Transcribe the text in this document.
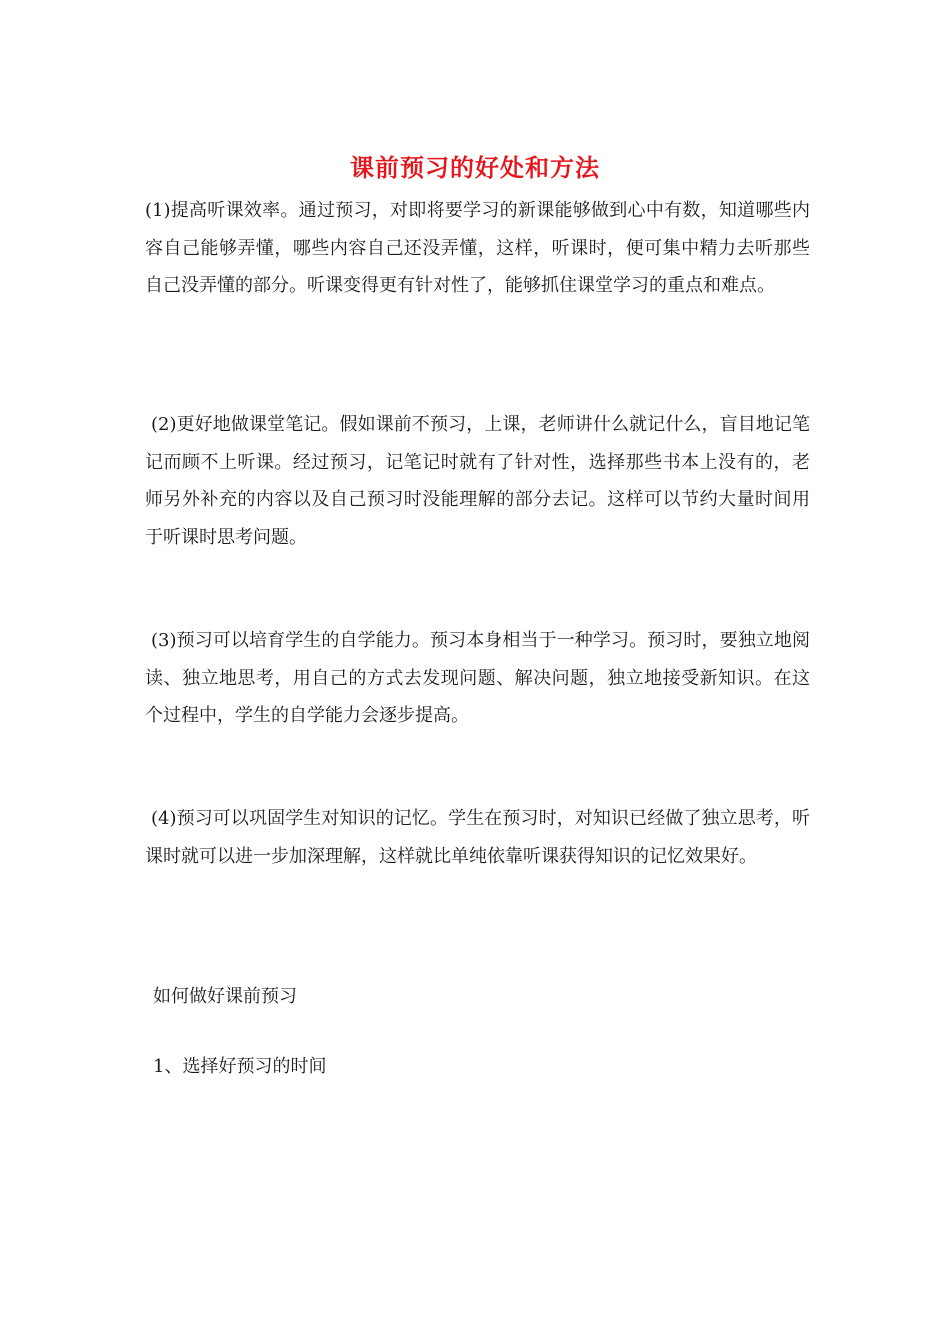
课前预习的好处和方法

(1)提高听课效率。通过预习，对即将要学习的新课能够做到心中有数，知道哪些内容自己能够弄懂，哪些内容自己还没弄懂，这样，听课时，便可集中精力去听那些自己没弄懂的部分。听课变得更有针对性了，能够抓住课堂学习的重点和难点。

(2)更好地做课堂笔记。假如课前不预习，上课，老师讲什么就记什么，盲目地记笔记而顾不上听课。经过预习，记笔记时就有了针对性，选择那些书本上没有的，老师另外补充的内容以及自己预习时没能理解的部分去记。这样可以节约大量时间用于听课时思考问题。

(3)预习可以培育学生的自学能力。预习本身相当于一种学习。预习时，要独立地阅读、独立地思考，用自己的方式去发现问题、解决问题，独立地接受新知识。在这个过程中，学生的自学能力会逐步提高。

(4)预习可以巩固学生对知识的记忆。学生在预习时，对知识已经做了独立思考，听课时就可以进一步加深理解，这样就比单纯依靠听课获得知识的记忆效果好。

如何做好课前预习

1、选择好预习的时间
